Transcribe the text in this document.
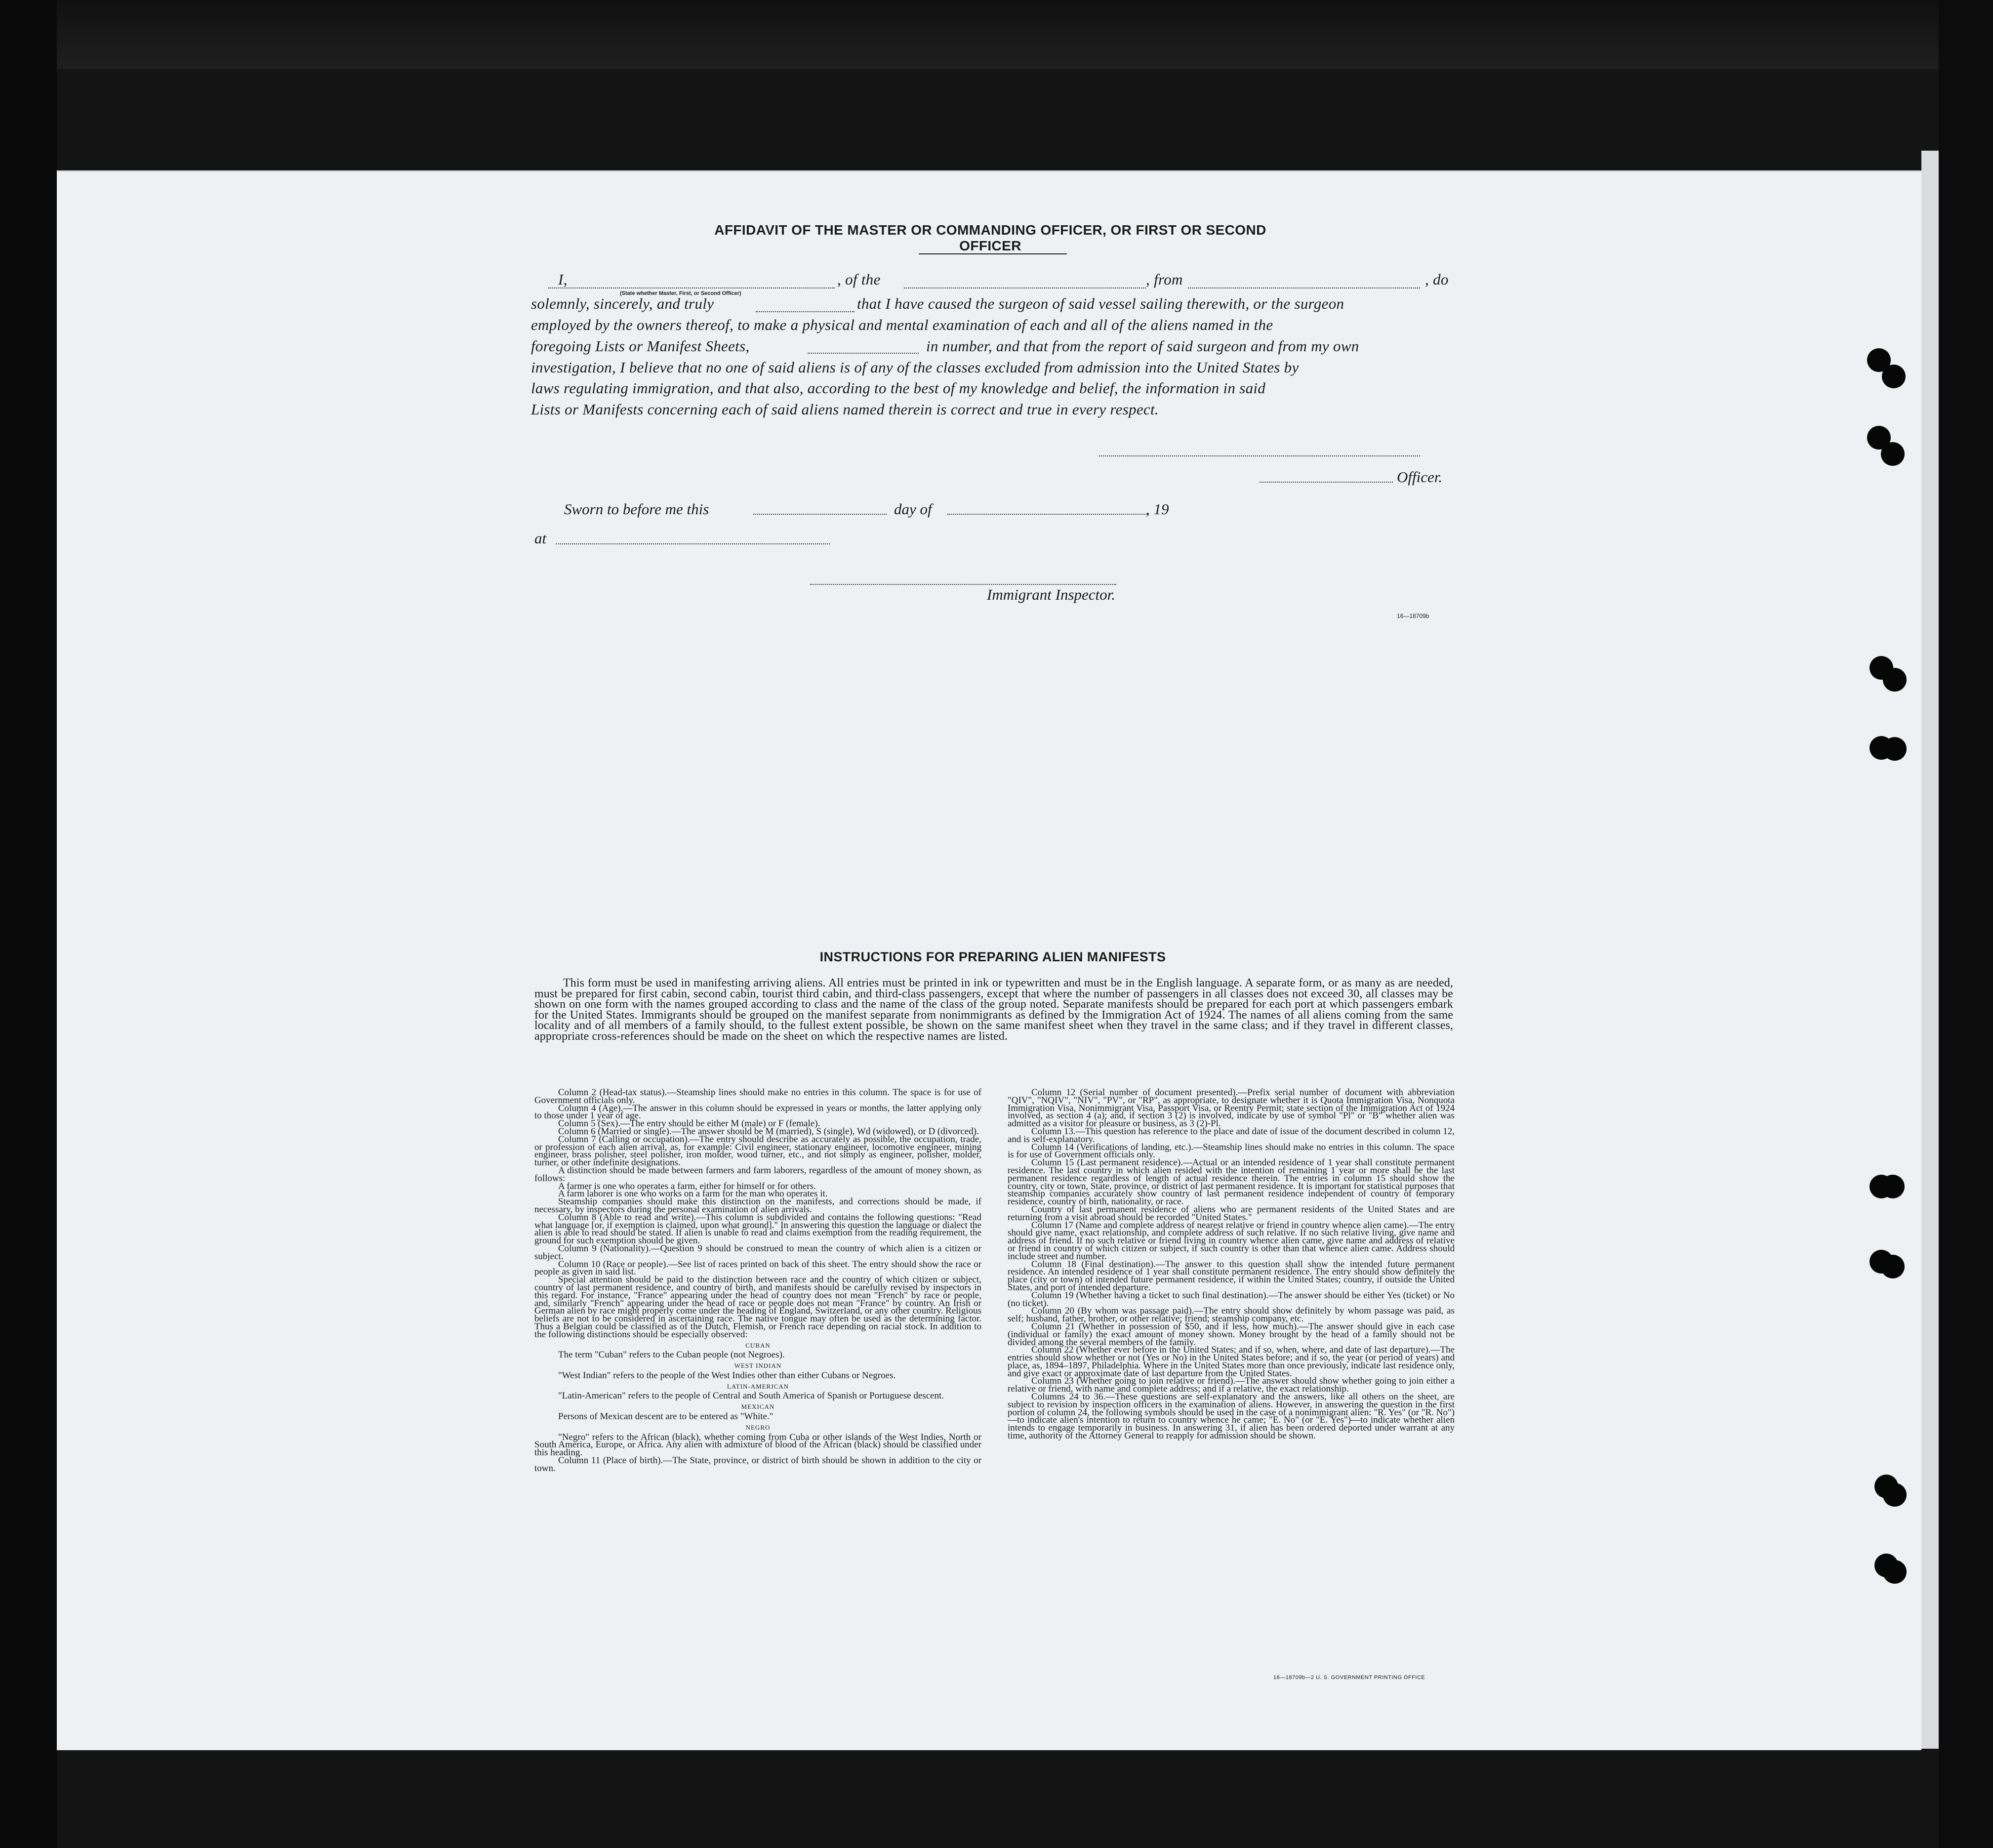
AFFIDAVIT OF THE MASTER OR COMMANDING OFFICER, OR FIRST OR SECOND OFFICER
I,	, of the	, from	, do
(State whether Master, First, or Second Officer)
solemnly, sincerely, and truly	that I have caused the surgeon of said vessel sailing therewith, or the surgeon
employed by the owners thereof, to make a physical and mental examination of each and all of the aliens named in the
foregoing Lists or Manifest Sheets,	in number, and that from the report of said surgeon and from my own
investigation, I believe that no one of said aliens is of any of the classes excluded from admission into the United States by
laws regulating immigration, and that also, according to the best of my knowledge and belief, the information in said
Lists or Manifests concerning each of said aliens named therein is correct and true in every respect.
Officer.
Sworn to before me this	day of	, 19
at
Immigrant Inspector.
16—18709b
INSTRUCTIONS FOR PREPARING ALIEN MANIFESTS
This form must be used in manifesting arriving aliens. All entries must be printed in ink or typewritten and must be in the English language. A separate form, or as many as are needed, must be prepared for first cabin, second cabin, tourist third cabin, and third-class passengers, except that where the number of passengers in all classes does not exceed 30, all classes may be shown on one form with the names grouped according to class and the name of the class of the group noted. Separate manifests should be prepared for each port at which passengers embark for the United States. Immigrants should be grouped on the manifest separate from nonimmigrants as defined by the Immigration Act of 1924. The names of all aliens coming from the same locality and of all members of a family should, to the fullest extent possible, be shown on the same manifest sheet when they travel in the same class; and if they travel in different classes, appropriate cross-references should be made on the sheet on which the respective names are listed.

Column 2 (Head-tax status).—Steamship lines should make no entries in this column. The space is for use of Government officials only.

Column 4 (Age).—The answer in this column should be expressed in years or months, the latter applying only to those under 1 year of age.

Column 5 (Sex).—The entry should be either M (male) or F (female).

Column 6 (Married or single).—The answer should be M (married), S (single), Wd (widowed), or D (divorced).

Column 7 (Calling or occupation).—The entry should describe as accurately as possible, the occupation, trade, or profession of each alien arrival, as, for example: Civil engineer, stationary engineer, locomotive engineer, mining engineer, brass polisher, steel polisher, iron molder, wood turner, etc., and not simply as engineer, polisher, molder, turner, or other indefinite designations.

A distinction should be made between farmers and farm laborers, regardless of the amount of money shown, as follows:

A farmer is one who operates a farm, either for himself or for others.

A farm laborer is one who works on a farm for the man who operates it.

Steamship companies should make this distinction on the manifests, and corrections should be made, if necessary, by inspectors during the personal examination of alien arrivals.

Column 8 (Able to read and write).—This column is subdivided and contains the following questions: "Read what language [or, if exemption is claimed, upon what ground]." In answering this question the language or dialect the alien is able to read should be stated. If alien is unable to read and claims exemption from the reading requirement, the ground for such exemption should be given.

Column 9 (Nationality).—Question 9 should be construed to mean the country of which alien is a citizen or subject.

Column 10 (Race or people).—See list of races printed on back of this sheet. The entry should show the race or people as given in said list.

Special attention should be paid to the distinction between race and the country of which citizen or subject, country of last permanent residence, and country of birth, and manifests should be carefully revised by inspectors in this regard. For instance, "France" appearing under the head of country does not mean "French" by race or people, and, similarly "French" appearing under the head of race or people does not mean "France" by country. An Irish or German alien by race might properly come under the heading of England, Switzerland, or any other country. Religious beliefs are not to be considered in ascertaining race. The native tongue may often be used as the determining factor. Thus a Belgian could be classified as of the Dutch, Flemish, or French race depending on racial stock. In addition to the following distinctions should be especially observed:

CUBAN

The term "Cuban" refers to the Cuban people (not Negroes).

WEST INDIAN

"West Indian" refers to the people of the West Indies other than either Cubans or Negroes.

LATIN-AMERICAN

"Latin-American" refers to the people of Central and South America of Spanish or Portuguese descent.

MEXICAN

Persons of Mexican descent are to be entered as "White."

NEGRO

"Negro" refers to the African (black), whether coming from Cuba or other islands of the West Indies, North or South America, Europe, or Africa. Any alien with admixture of blood of the African (black) should be classified under this heading.

Column 11 (Place of birth).—The State, province, or district of birth should be shown in addition to the city or town.

Column 12 (Serial number of document presented).—Prefix serial number of document with abbreviation "QIV", "NQIV", "NIV", "PV", or "RP", as appropriate, to designate whether it is Quota Immigration Visa, Nonquota Immigration Visa, Nonimmigrant Visa, Passport Visa, or Reentry Permit; state section of the Immigration Act of 1924 involved, as section 4 (a); and, if section 3 (2) is involved, indicate by use of symbol "Pl" or "B" whether alien was admitted as a visitor for pleasure or business, as 3 (2)-Pl.

Column 13.—This question has reference to the place and date of issue of the document described in column 12, and is self-explanatory.

Column 14 (Verifications of landing, etc.).—Steamship lines should make no entries in this column. The space is for use of Government officials only.

Column 15 (Last permanent residence).—Actual or an intended residence of 1 year shall constitute permanent residence. The last country in which alien resided with the intention of remaining 1 year or more shall be the last permanent residence regardless of length of actual residence therein. The entries in column 15 should show the country, city or town, State, province, or district of last permanent residence. It is important for statistical purposes that steamship companies accurately show country of last permanent residence independent of country of temporary residence, country of birth, nationality, or race.

Country of last permanent residence of aliens who are permanent residents of the United States and are returning from a visit abroad should be recorded "United States."

Column 17 (Name and complete address of nearest relative or friend in country whence alien came).—The entry should give name, exact relationship, and complete address of such relative. If no such relative living, give name and address of friend. If no such relative or friend living in country whence alien came, give name and address of relative or friend in country of which citizen or subject, if such country is other than that whence alien came. Address should include street and number.

Column 18 (Final destination).—The answer to this question shall show the intended future permanent residence. An intended residence of 1 year shall constitute permanent residence. The entry should show definitely the place (city or town) of intended future permanent residence, if within the United States; country, if outside the United States, and port of intended departure.

Column 19 (Whether having a ticket to such final destination).—The answer should be either Yes (ticket) or No (no ticket).

Column 20 (By whom was passage paid).—The entry should show definitely by whom passage was paid, as self; husband, father, brother, or other relative; friend; steamship company, etc.

Column 21 (Whether in possession of $50, and if less, how much).—The answer should give in each case (individual or family) the exact amount of money shown. Money brought by the head of a family should not be divided among the several members of the family.

Column 22 (Whether ever before in the United States; and if so, when, where, and date of last departure).—The entries should show whether or not (Yes or No) in the United States before; and if so, the year (or period of years) and place, as, 1894–1897, Philadelphia. Where in the United States more than once previously, indicate last residence only, and give exact or approximate date of last departure from the United States.

Column 23 (Whether going to join relative or friend).—The answer should show whether going to join either a relative or friend, with name and complete address; and if a relative, the exact relationship.

Columns 24 to 36.—These questions are self-explanatory and the answers, like all others on the sheet, are subject to revision by inspection officers in the examination of aliens. However, in answering the question in the first portion of column 24, the following symbols should be used in the case of a nonimmigrant alien: "R. Yes" (or "R. No")—to indicate alien's intention to return to country whence he came; "E. No" (or "E. Yes")—to indicate whether alien intends to engage temporarily in business. In answering 31, if alien has been ordered deported under warrant at any time, authority of the Attorney General to reapply for admission should be shown.

16—18709b—2 U. S. GOVERNMENT PRINTING OFFICE
